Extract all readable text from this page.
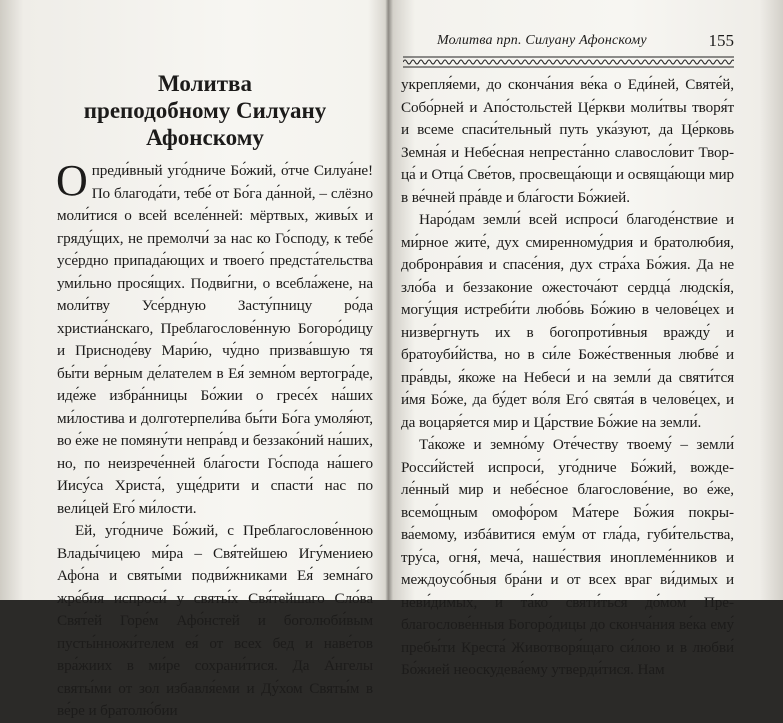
Молитва
преподобному Силуану Афонскому

Опреди́вный уго́дниче Бо́жий, о́тче Силуа́не! По благода́ти, тебе́ от Бо́га да́нной, – слёзно моли́тися о всей вселе́нней: мёртвых, живы́х и гряду́щих, не премолчи́ за нас ко Го́споду, к тебе́ усе́рдно припада́ющих и твоего́ предста́тельства уми́льно прося́щих. Подви́гни, о всебла́жене, на моли́тву Усе́рдную Засту́пницу ро́да христиа́нскаго, Преблагослове́нную Богоро́дицу и Присноде́ву Мари́ю, чу́дно призва́вшую тя бы́ти ве́рным де́лателем в Ея́ земно́м вертогра́де, иде́же избра́нницы Бо́жии о гресе́х на́ших ми́лостива и долготерпели́ва бы́ти Бо́га умоля́ют, во е́же не помяну́ти непра́вд и беззако́ний на́ших, но, по неизрече́нней бла́гости Го́спода на́шего Иису́са Христа́, уще́дрити и спасти́ нас по вели́цей Его́ ми́лости.

Ей, уго́дниче Бо́жий, с Преблагослове́нною Влады́чицею ми́ра – Свя́тейшею Игу́мениею Афо́на и святы́ми подви́жниками Ея́ земна́го жре́бия испроси́ у святы́х Свя́тейшаго Сло́ва Свят́ей Горе́м Афо́нстей и боголюби́вым пусты́нножи́телем ея́ от всех бед и наве́тов вра́жиих в ми́ре сохрани́тися. Да А́нгелы святы́ми от зол избавля́еми и Ду́хом Святы́м в ве́ре и братолю́бии

Молитва прп. Силуану Афонскому	155

укрепля́еми, до сконча́ния ве́ка о Еди́ней, Святе́й, Собо́рней и Апо́стольстей Це́ркви моли́твы творя́т и всеме спаси́тельный путь ука́зуют, да Це́рковь Земна́я и Небе́сная непреста́нно славосло́вит Творца́ и Отца́ Све́тов, просвеща́ющи и освяща́ющи мир в ве́чней пра́вде и бла́гости Бо́жией.

Наро́дам земли́ всей испроси́ благоде́нствие и ми́рное жите́, дух смиренному́дрия и братолюбия, добронра́вия и спасе́ния, дух стра́ха Бо́жия. Да не зло́ба и беззаконие ожесточа́ют сердца́ людскі́я, могу́щия истреби́ти любо́вь Бо́жию в челове́цех и низве́ргнуть их в богопроти́вныя вражду́ и братоуби́йства, но в си́ле Боже́ственныя любве́ и пра́вды, я́коже на Небеси́ и на земли́ да святи́тся и́мя Бо́же, да бу́дет во́ля Его́ свята́я в челове́цех, и да воцаря́ется мир и Ца́рствие Бо́жие на земли́.

Та́коже и земно́му Оте́честву твоему́ – земли́ Росси́йстей испроси́, уго́дниче Бо́жий, вожделе́нный мир и небе́сное благослове́ние, во е́же, всемо́щным омофо́ром Ма́тере Бо́жия покрыва́емому, избáвитися ему́м от гла́да, губи́тельства, тру́са, огня́, меча́, наше́ствия иноплеме́нников и междоусо́бныя бра́ни и от всех враг ви́димых и неви́димых, и та́ко святи́ться до́мом Преблагослове́нныя Богоро́дицы до сконча́ния ве́ка ему́ пребы́ти Креста́ Животворя́щаго си́лою и в любви́ Бо́жией неоскудева́ему утверди́тися. Нам
